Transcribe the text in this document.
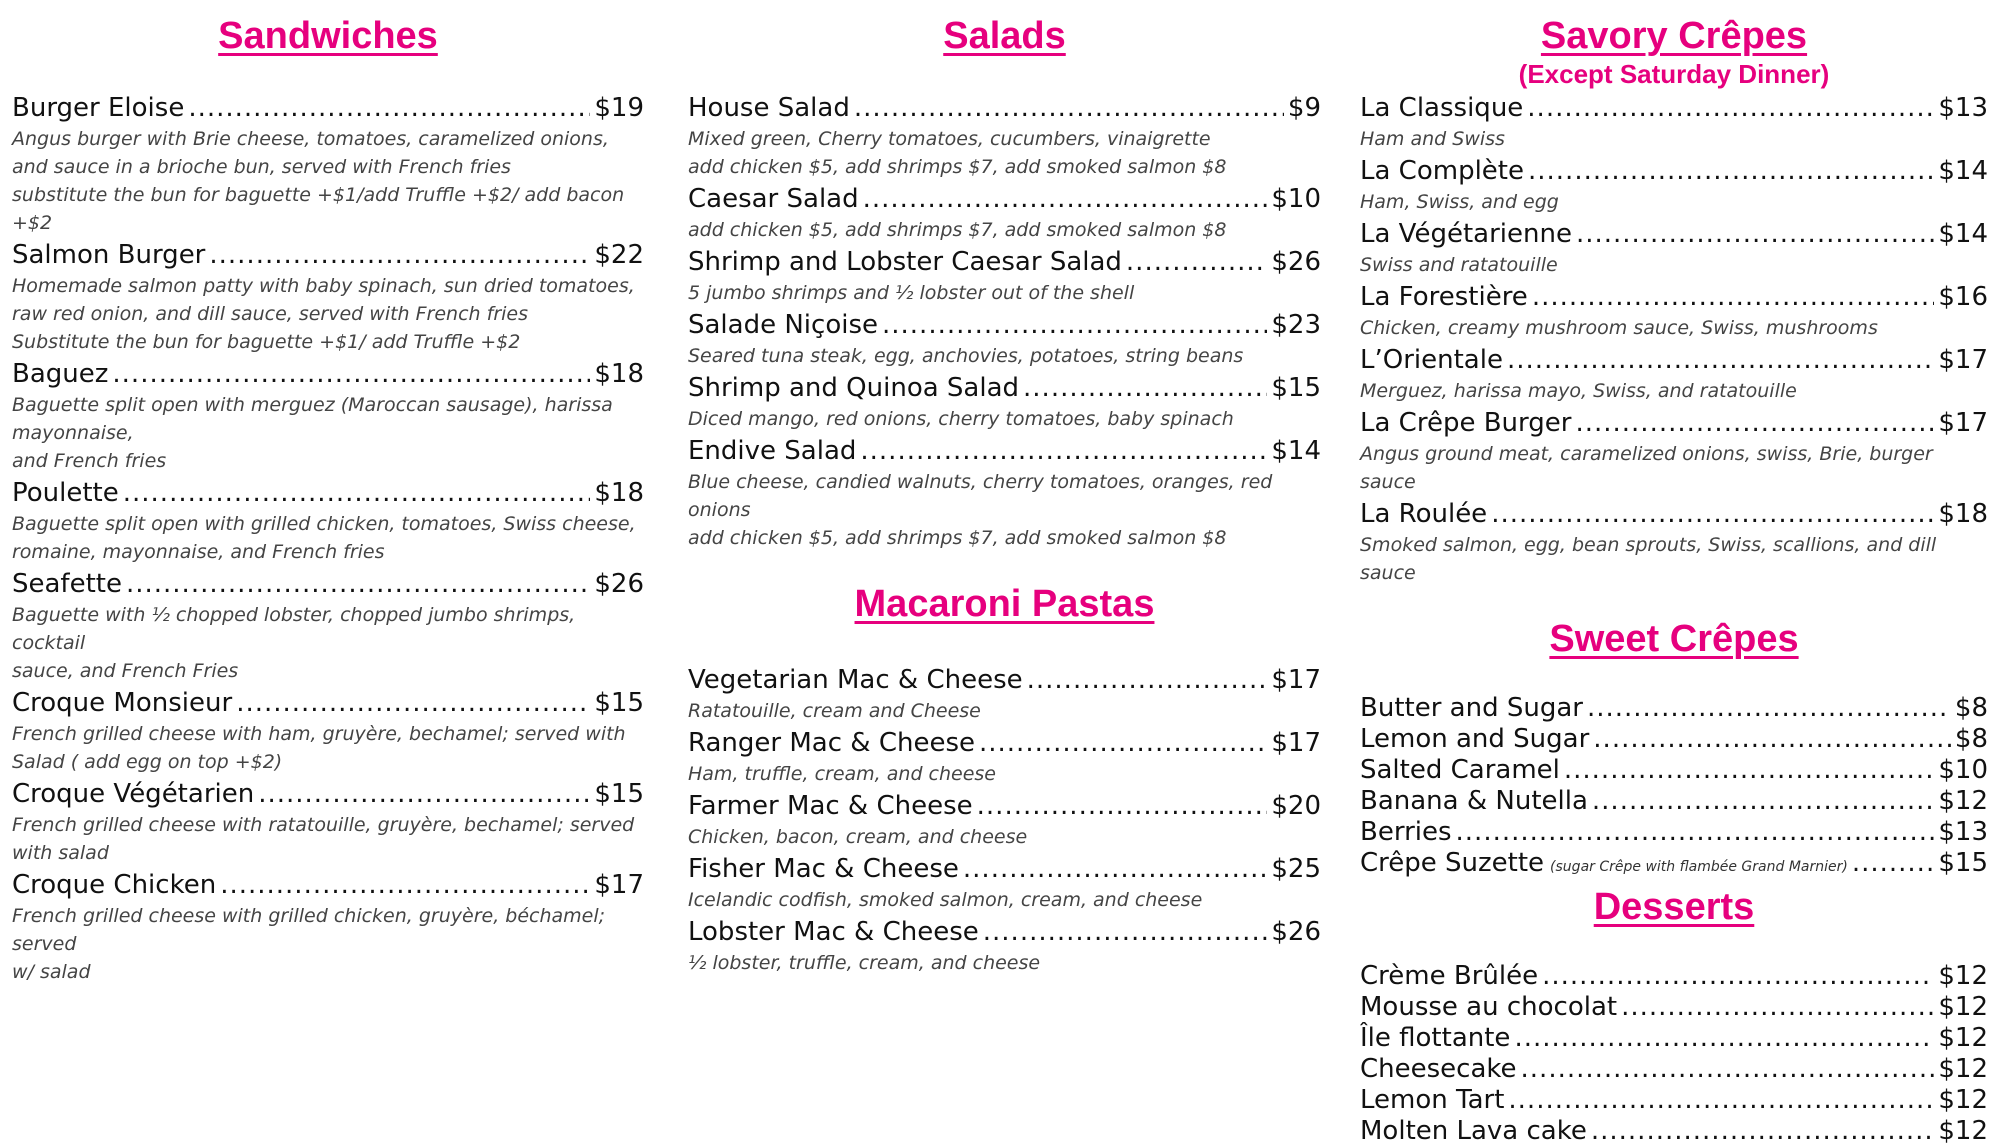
Sandwiches
Burger Eloise .....	$19
Angus burger with Brie cheese, tomatoes, caramelized onions,
and sauce in a brioche bun, served with French fries
substitute the bun for baguette +$1/add Truffle +$2/ add bacon +$2
Salmon Burger .....	$22
Homemade salmon patty with baby spinach, sun dried tomatoes,
raw red onion, and dill sauce, served with French fries
Substitute the bun for baguette +$1/ add Truffle +$2
Baguez .....	$18
Baguette split open with merguez (Maroccan sausage), harissa
mayonnaise,
and French fries
Poulette .....	$18
Baguette split open with grilled chicken, tomatoes, Swiss cheese,
romaine, mayonnaise, and French fries
Seafette .....	$26
Baguette with ½ chopped lobster, chopped jumbo shrimps, cocktail
sauce, and French Fries
Croque Monsieur .....	$15
French grilled cheese with ham, gruyère, bechamel; served with
Salad ( add egg on top +$2)
Croque Végétarien .....	$15
French grilled cheese with ratatouille, gruyère, bechamel; served
with salad
Croque Chicken .....	$17
French grilled cheese with grilled chicken, gruyère, béchamel; served
w/ salad
Salads
House Salad .....	$9
Mixed green, Cherry tomatoes, cucumbers, vinaigrette
add chicken $5, add shrimps $7, add smoked salmon $8
Caesar Salad .....	$10
add chicken $5, add shrimps $7, add smoked salmon $8
Shrimp and Lobster Caesar Salad .....	$26
5 jumbo shrimps and ½ lobster out of the shell
Salade Niçoise .....	$23
Seared tuna steak, egg, anchovies, potatoes, string beans
Shrimp and Quinoa Salad .....	$15
Diced mango, red onions, cherry tomatoes, baby spinach
Endive Salad .....	$14
Blue cheese, candied walnuts, cherry tomatoes, oranges, red onions
add chicken $5, add shrimps $7, add smoked salmon $8
Macaroni Pastas
Vegetarian Mac & Cheese .....	$17
Ratatouille, cream and Cheese
Ranger Mac & Cheese .....	$17
Ham, truffle, cream, and cheese
Farmer Mac & Cheese .....	$20
Chicken, bacon, cream, and cheese
Fisher Mac & Cheese .....	$25
Icelandic codfish, smoked salmon, cream, and cheese
Lobster Mac & Cheese .....	$26
½ lobster, truffle, cream, and cheese
Savory Crêpes
(Except Saturday Dinner)
La Classique .....	$13
Ham and Swiss
La Complète .....	$14
Ham, Swiss, and egg
La Végétarienne .....	$14
Swiss and ratatouille
La Forestière .....	$16
Chicken, creamy mushroom sauce, Swiss, mushrooms
L’Orientale .....	$17
Merguez, harissa mayo, Swiss, and ratatouille
La Crêpe Burger .....	$17
Angus ground meat, caramelized onions, swiss, Brie, burger sauce
La Roulée .....	$18
Smoked salmon, egg, bean sprouts, Swiss, scallions, and dill sauce
Sweet Crêpes
Butter and Sugar .....	$8
Lemon and Sugar .....	$8
Salted Caramel .....	$10
Banana & Nutella .....	$12
Berries .....	$13
Crêpe Suzette (sugar Crêpe with flambée Grand Marnier) .....	$15
Desserts
Crème Brûlée .....	$12
Mousse au chocolat .....	$12
Île flottante .....	$12
Cheesecake .....	$12
Lemon Tart .....	$12
Molten Lava cake .....	$12
